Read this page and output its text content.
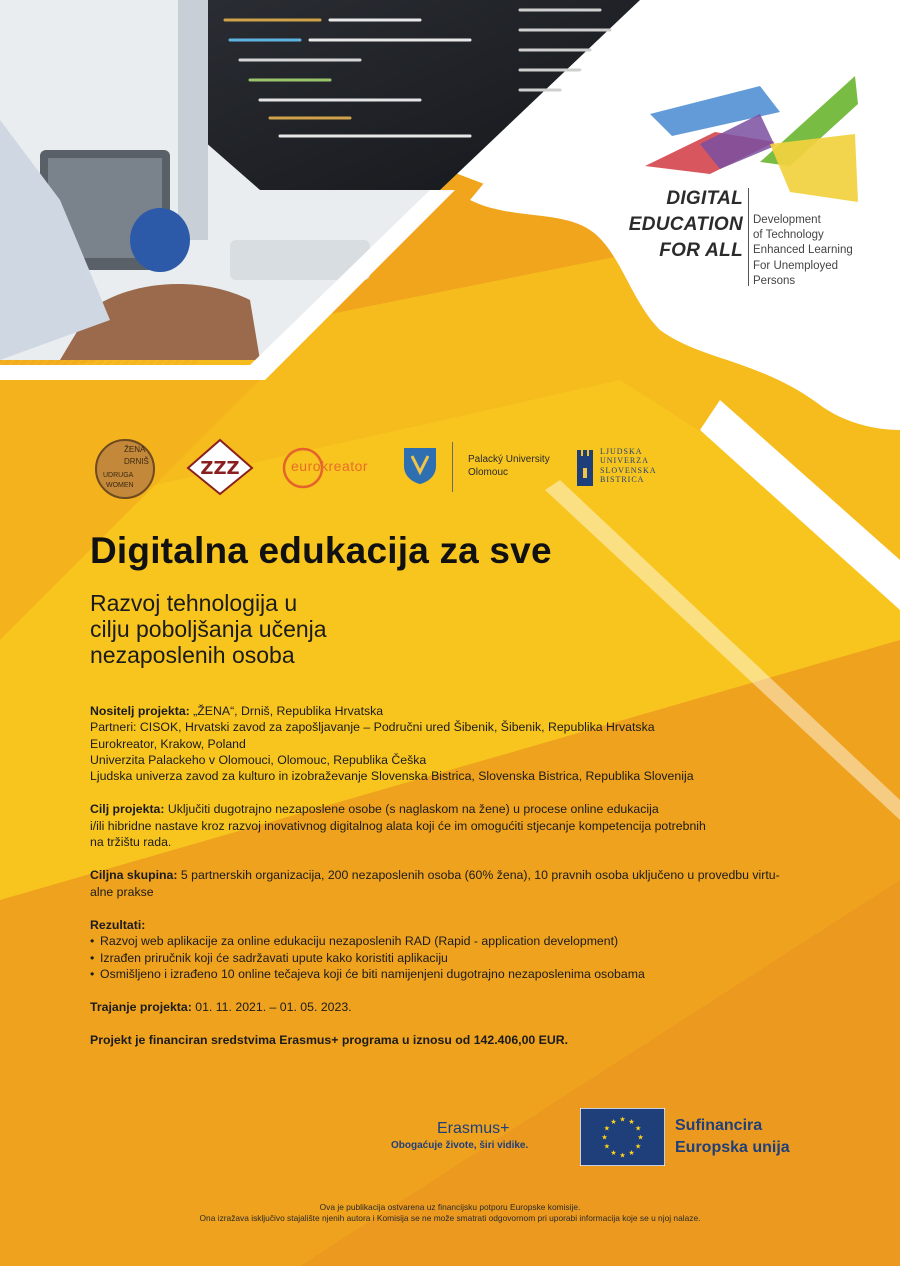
DIGITAL
EDUCATION
FOR ALL
Development
of Technology
Enhanced Learning
For Unemployed
Persons
ŽENA
DRNIŠ
UDRUGA
WOMEN
ZZZ	eurokreator	Palacký University
Olomouc
LJUDSKA
UNIVERZA
SLOVENSKA
BISTRICA
Digitalna edukacija za sve
Razvoj tehnologija u
cilju poboljšanja učenja
nezaposlenih osoba

Nositelj projekta: „ŽENA“, Drniš, Republika Hrvatska

Partneri: CISOK, Hrvatski zavod za zapošljavanje – Područni ured Šibenik, Šibenik, Republika Hrvatska

Eurokreator, Krakow, Poland

Univerzita Palackeho v Olomouci, Olomouc, Republika Češka

Ljudska univerza zavod za kulturo in izobraževanje Slovenska Bistrica, Slovenska Bistrica, Republika Slovenija

Cilj projekta: Uključiti dugotrajno nezaposlene osobe (s naglaskom na žene) u procese online edukacija

i/ili hibridne nastave kroz razvoj inovativnog digitalnog alata koji će im omogućiti stjecanje kompetencija potrebnih

na tržištu rada.

Ciljna skupina: 5 partnerskih organizacija, 200 nezaposlenih osoba (60% žena), 10 pravnih osoba uključeno u provedbu virtu-

alne prakse

Rezultati:

• Razvoj web aplikacije za online edukaciju nezaposlenih RAD (Rapid - application development)
• Izrađen priručnik koji će sadržavati upute kako koristiti aplikaciju
• Osmišljeno i izrađeno 10 online tečajeva koji će biti namijenjeni dugotrajno nezaposlenima osobama

Trajanje projekta: 01. 11. 2021. – 01. 05. 2023.

Projekt je financiran sredstvima Erasmus+ programa u iznosu od 142.406,00 EUR.

Erasmus+
Obogaćuje živote, širi vidike.
★ ★
★
★
★
★
★
★
★
★
★
★	Sufinancira
Europska unija
Ova je publikacija ostvarena uz financijsku potporu Europske komisije.
Ona izražava isključivo stajalište njenih autora i Komisija se ne može smatrati odgovornom pri uporabi informacija koje se u njoj nalaze.
